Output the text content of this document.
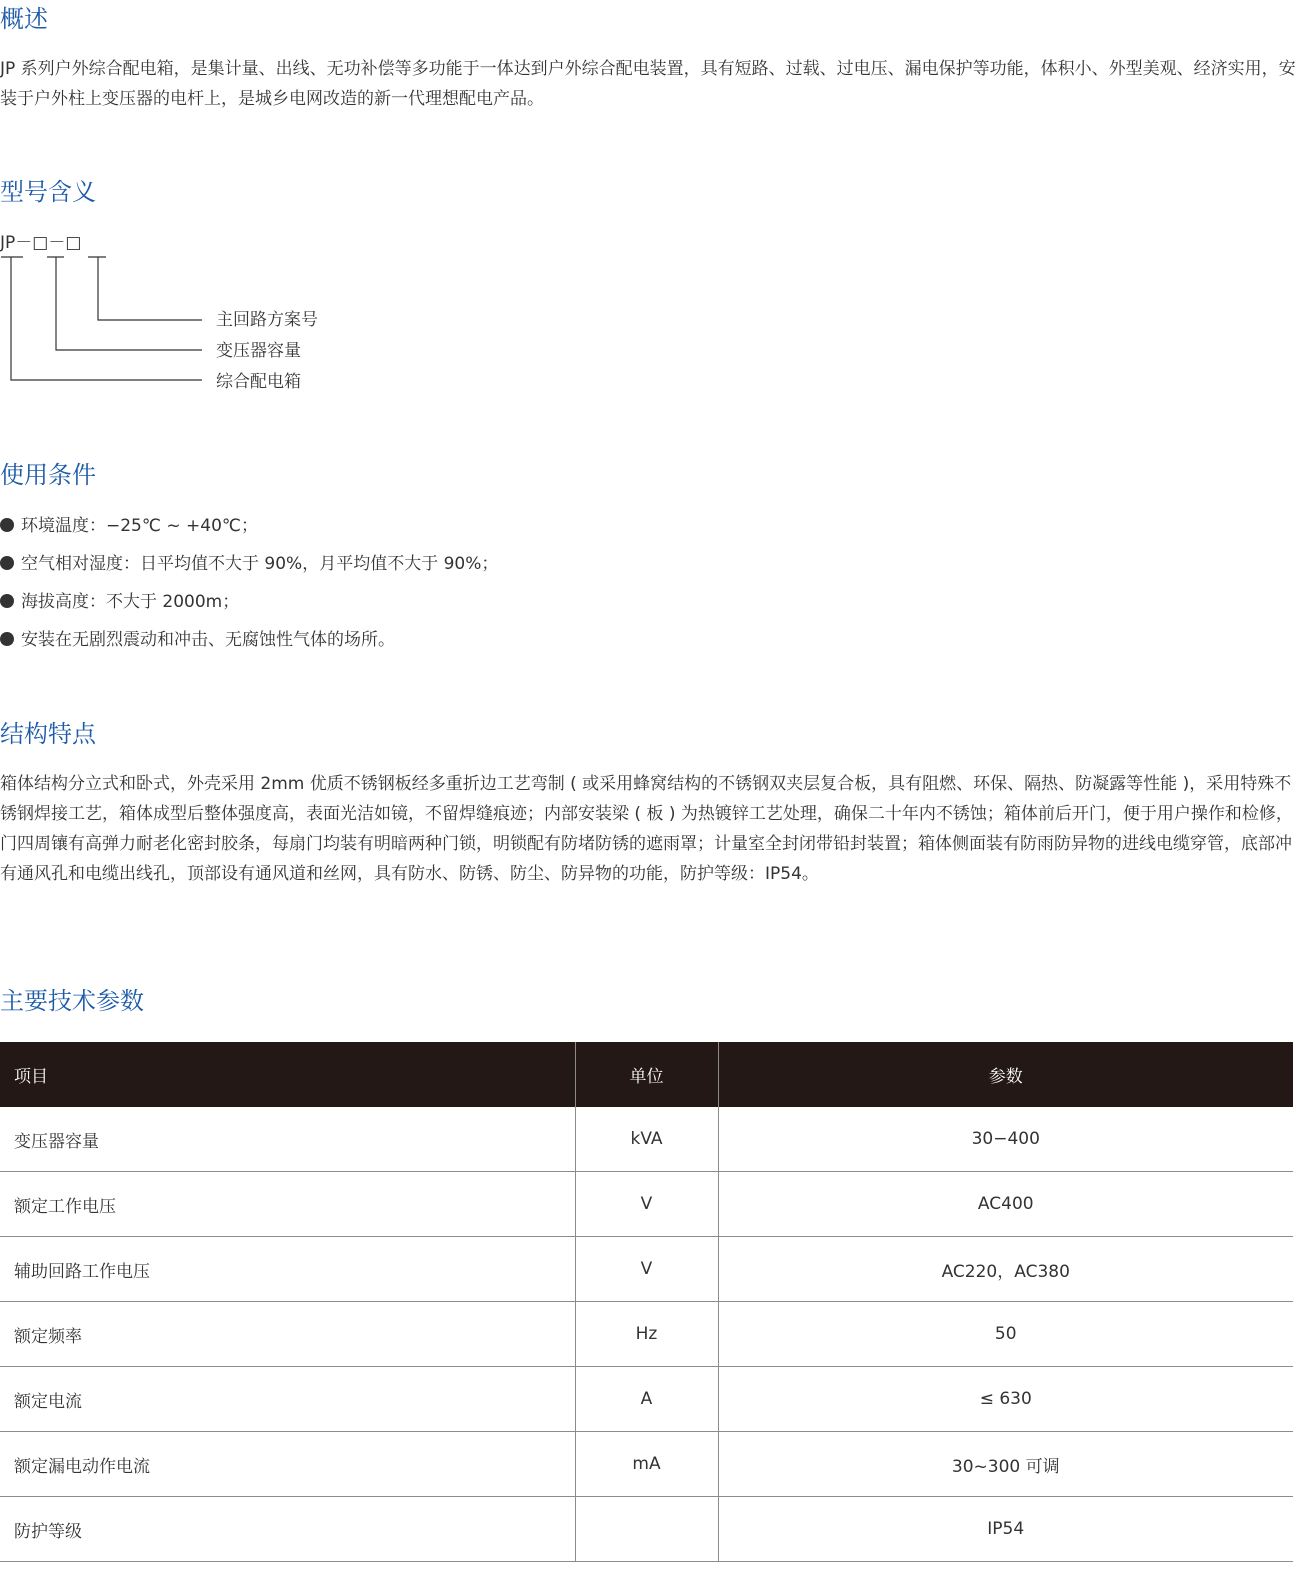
概述

JP 系列户外综合配电箱，是集计量、出线、无功补偿等多功能于一体达到户外综合配电装置，具有短路、过载、过电压、漏电保护等功能，体积小、外型美观、经济实用，安装于户外柱上变压器的电杆上，是城乡电网改造的新一代理想配电产品。

型号含义
JP－□－□
主回路方案号
变压器容量
综合配电箱
使用条件
环境温度：−25℃ ~ +40℃；
空气相对湿度：日平均值不大于 90%，月平均值不大于 90%；
海拔高度：不大于 2000m；
安装在无剧烈震动和冲击、无腐蚀性气体的场所。
结构特点

箱体结构分立式和卧式，外壳采用 2mm 优质不锈钢板经多重折边工艺弯制 ( 或采用蜂窝结构的不锈钢双夹层复合板，具有阻燃、环保、隔热、防凝露等性能 )，采用特殊不锈钢焊接工艺，箱体成型后整体强度高，表面光洁如镜，不留焊缝痕迹；内部安装梁 ( 板 ) 为热镀锌工艺处理，确保二十年内不锈蚀；箱体前后开门，便于用户操作和检修，门四周镶有高弹力耐老化密封胶条，每扇门均装有明暗两种门锁，明锁配有防堵防锈的遮雨罩；计量室全封闭带铅封装置；箱体侧面装有防雨防异物的进线电缆穿管，底部冲有通风孔和电缆出线孔，顶部设有通风道和丝网，具有防水、防锈、防尘、防异物的功能，防护等级：IP54。

主要技术参数
项目	单位	参数
变压器容量	kVA	30−400
额定工作电压	V	AC400
辅助回路工作电压	V	AC220，AC380
额定频率	Hz	50
额定电流	A	≤ 630
额定漏电动作电流	mA	30~300 可调
防护等级		IP54
